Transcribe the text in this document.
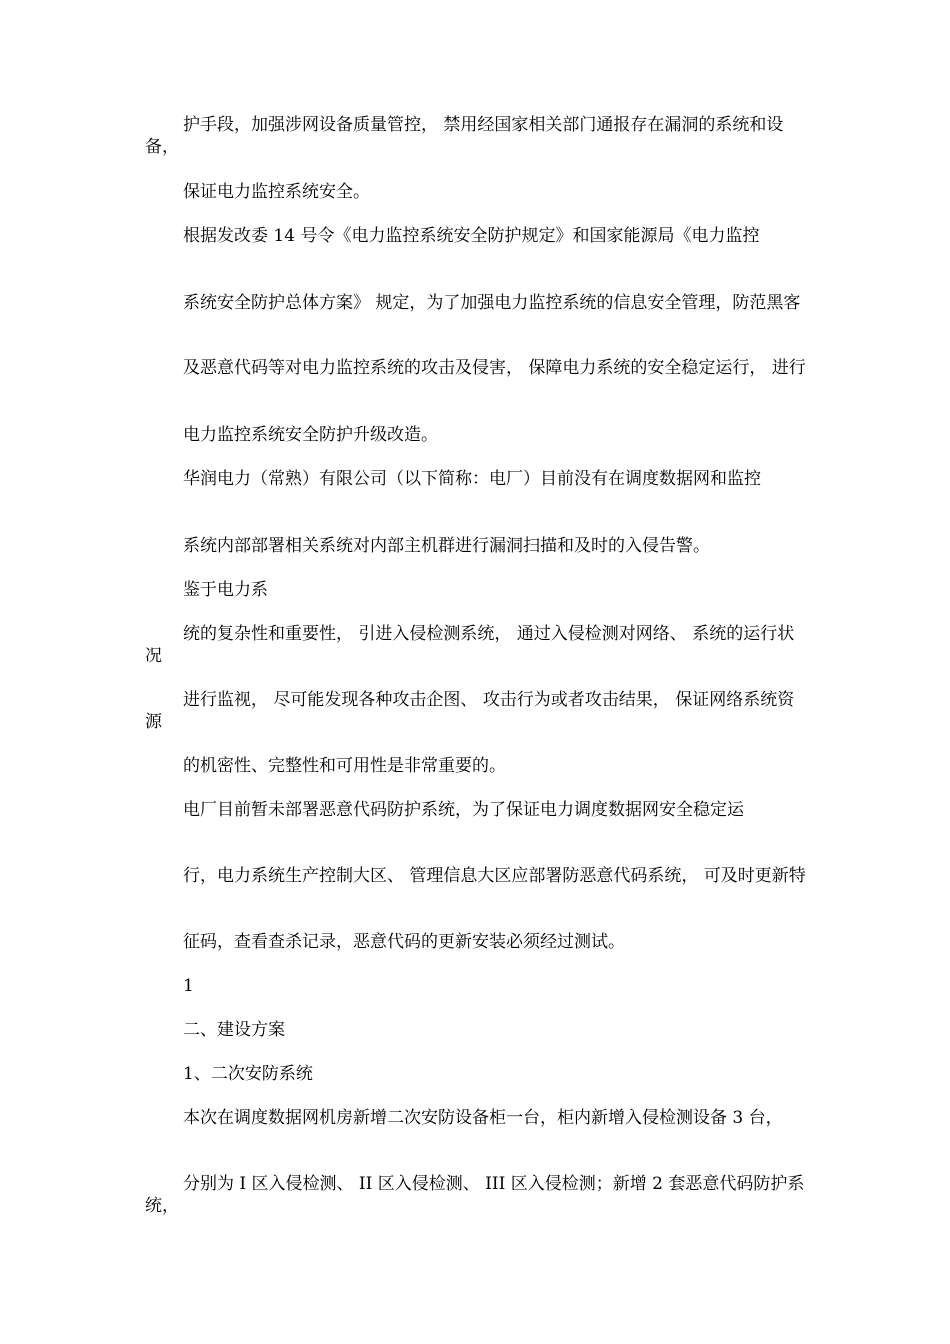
护手段，加强涉网设备质量管控， 禁用经国家相关部门通报存在漏洞的系统和设备，

保证电力监控系统安全。

根据发改委 14 号令《电力监控系统安全防护规定》和国家能源局《电力监控

系统安全防护总体方案》 规定，为了加强电力监控系统的信息安全管理，防范黑客

及恶意代码等对电力监控系统的攻击及侵害， 保障电力系统的安全稳定运行， 进行

电力监控系统安全防护升级改造。

华润电力（常熟）有限公司（以下简称：电厂）目前没有在调度数据网和监控

系统内部部署相关系统对内部主机群进行漏洞扫描和及时的入侵告警。

鉴于电力系

统的复杂性和重要性， 引进入侵检测系统， 通过入侵检测对网络、 系统的运行状况

进行监视， 尽可能发现各种攻击企图、 攻击行为或者攻击结果， 保证网络系统资源

的机密性、完整性和可用性是非常重要的。

电厂目前暂未部署恶意代码防护系统，为了保证电力调度数据网安全稳定运

行，电力系统生产控制大区、 管理信息大区应部署防恶意代码系统， 可及时更新特

征码，查看查杀记录，恶意代码的更新安装必须经过测试。

1

二、建设方案

1、二次安防系统

本次在调度数据网机房新增二次安防设备柜一台，柜内新增入侵检测设备 3 台，

分别为 I 区入侵检测、 II 区入侵检测、 III 区入侵检测；新增 2 套恶意代码防护系统，
